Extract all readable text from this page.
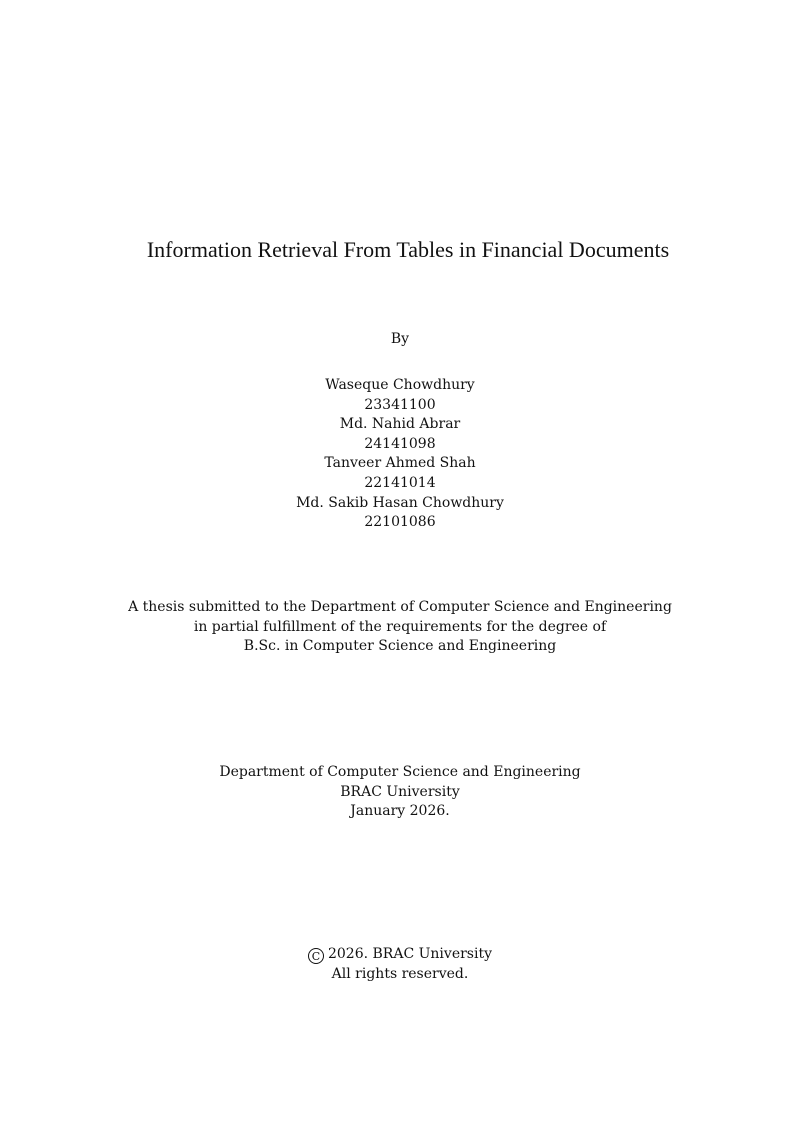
Information Retrieval From Tables in Financial Documents
By
Waseque Chowdhury
23341100
Md. Nahid Abrar
24141098
Tanveer Ahmed Shah
22141014
Md. Sakib Hasan Chowdhury
22101086
A thesis submitted to the Department of Computer Science and Engineering
in partial fulfillment of the requirements for the degree of
B.Sc. in Computer Science and Engineering
Department of Computer Science and Engineering
BRAC University
January 2026.
C 2026. BRAC University
All rights reserved.
